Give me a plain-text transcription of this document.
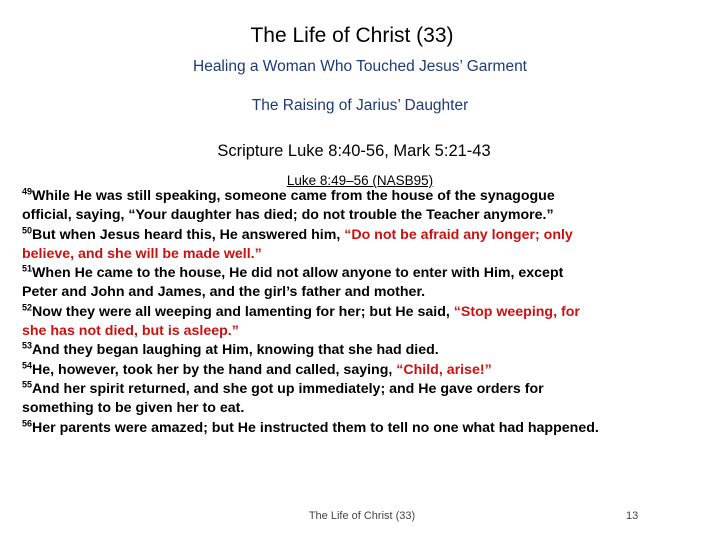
The Life of Christ (33)
Healing a Woman Who Touched Jesus’ Garment
The Raising of Jarius’ Daughter
Scripture Luke 8:40-56, Mark 5:21-43
Luke 8:49–56 (NASB95)
$^{49}$While He was still speaking, someone came from the house of the synagogue
official, saying, “Your daughter has died; do not trouble the Teacher anymore.”
$^{50}$But when Jesus heard this, He answered him, “Do not be afraid any longer; only
believe, and she will be made well.”
$^{51}$When He came to the house, He did not allow anyone to enter with Him, except
Peter and John and James, and the girl’s father and mother.
$^{52}$Now they were all weeping and lamenting for her; but He said, “Stop weeping, for
she has not died, but is asleep.”
$^{53}$And they began laughing at Him, knowing that she had died.
$^{54}$He, however, took her by the hand and called, saying, “Child, arise!”
$^{55}$And her spirit returned, and she got up immediately; and He gave orders for
something to be given her to eat.
$^{56}$Her parents were amazed; but He instructed them to tell no one what had happened.
The Life of Christ (33)	13
